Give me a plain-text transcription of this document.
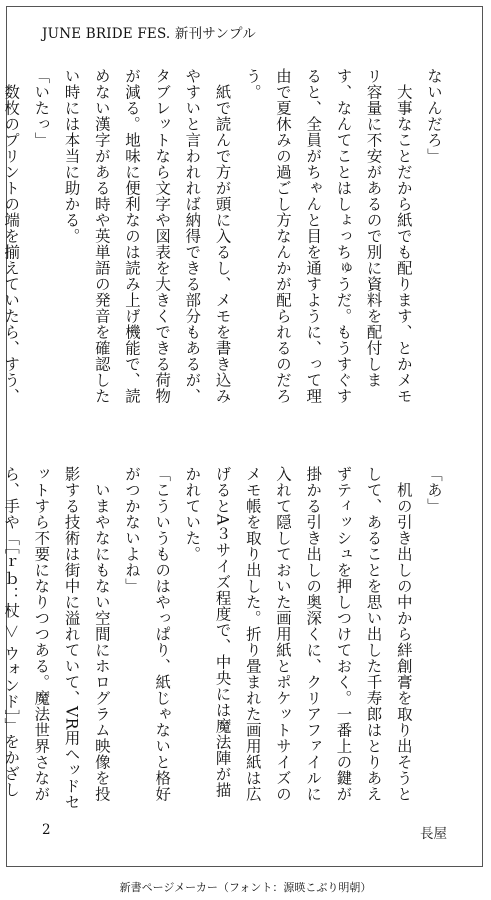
JUNE BRIDE FES. 新刊サンプル

ないんだろ」

　大事なことだから紙でも配ります、とかメモリ容量に不安があるので別に資料を配付します、なんてことはしょっちゅうだ。もうすぐすると、全員がちゃんと目を通すように、って理由で夏休みの過ごし方なんかが配られるのだろう。

　紙で読んで方が頭に入るし、メモを書き込みやすいと言われれば納得できる部分もあるが、タブレットなら文字や図表を大きくできる荷物が減る。地味に便利なのは読み上げ機能で、読めない漢字がある時や英単語の発音を確認したい時には本当に助かる。

「いたっ」

　数枚のプリントの端を揃えていたら、すう、

「あ」

　机の引き出しの中から絆創膏を取り出そうとして、あることを思い出した千寿郎はとりあえずティッシュを押しつけておく。一番上の鍵が掛かる引き出しの奥深くに、クリアファイルに入れて隠しておいた画用紙とポケットサイズのメモ帳を取り出した。折り畳まれた画用紙は広げるとA３サイズ程度で、中央には魔法陣が描かれていた。

「こういうものはやっぱり、紙じゃないと格好がつかないよね」

　いまやなにもない空間にホログラム映像を投影する技術は街中に溢れていて、VR用ヘッドセットすら不要になりつつある。魔法世界さながら、手や「［ｒｂ：杖 ＞ ウォンド］」をかざし

2	長屋
新書ページメーカー（フォント：源暎こぶり明朝）
